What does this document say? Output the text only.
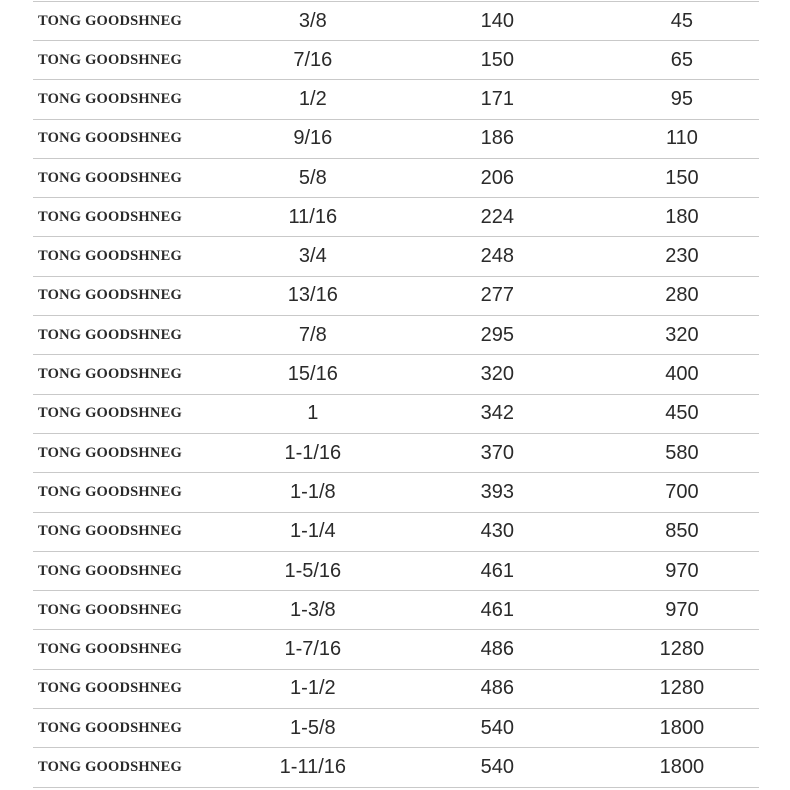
TONG GOODSHNEG	3/8	140	45
TONG GOODSHNEG	7/16	150	65
TONG GOODSHNEG	1/2	171	95
TONG GOODSHNEG	9/16	186	110
TONG GOODSHNEG	5/8	206	150
TONG GOODSHNEG	11/16	224	180
TONG GOODSHNEG	3/4	248	230
TONG GOODSHNEG	13/16	277	280
TONG GOODSHNEG	7/8	295	320
TONG GOODSHNEG	15/16	320	400
TONG GOODSHNEG	1	342	450
TONG GOODSHNEG	1-1/16	370	580
TONG GOODSHNEG	1-1/8	393	700
TONG GOODSHNEG	1-1/4	430	850
TONG GOODSHNEG	1-5/16	461	970
TONG GOODSHNEG	1-3/8	461	970
TONG GOODSHNEG	1-7/16	486	1280
TONG GOODSHNEG	1-1/2	486	1280
TONG GOODSHNEG	1-5/8	540	1800
TONG GOODSHNEG	1-11/16	540	1800
